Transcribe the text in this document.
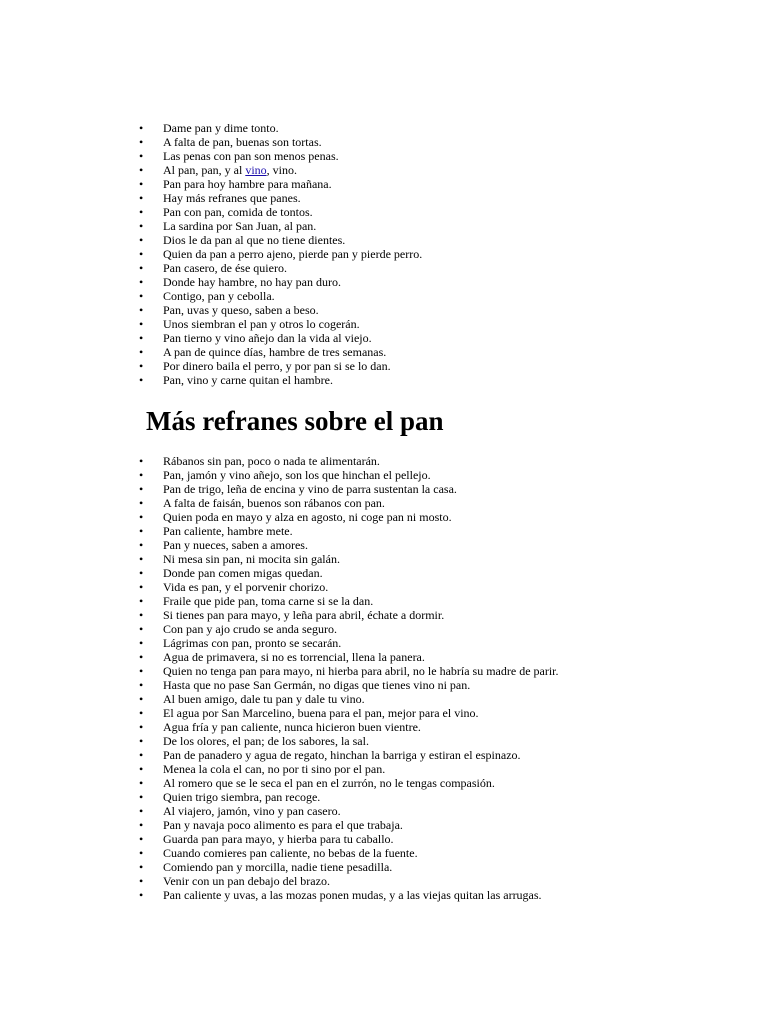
• Dame pan y dime tonto.
• A falta de pan, buenas son tortas.
• Las penas con pan son menos penas.
• Al pan, pan, y al vino, vino.
• Pan para hoy hambre para mañana.
• Hay más refranes que panes.
• Pan con pan, comida de tontos.
• La sardina por San Juan, al pan.
• Dios le da pan al que no tiene dientes.
• Quien da pan a perro ajeno, pierde pan y pierde perro.
• Pan casero, de ése quiero.
• Donde hay hambre, no hay pan duro.
• Contigo, pan y cebolla.
• Pan, uvas y queso, saben a beso.
• Unos siembran el pan y otros lo cogerán.
• Pan tierno y vino añejo dan la vida al viejo.
• A pan de quince días, hambre de tres semanas.
• Por dinero baila el perro, y por pan si se lo dan.
• Pan, vino y carne quitan el hambre.
Más refranes sobre el pan
• Rábanos sin pan, poco o nada te alimentarán.
• Pan, jamón y vino añejo, son los que hinchan el pellejo.
• Pan de trigo, leña de encina y vino de parra sustentan la casa.
• A falta de faisán, buenos son rábanos con pan.
• Quien poda en mayo y alza en agosto, ni coge pan ni mosto.
• Pan caliente, hambre mete.
• Pan y nueces, saben a amores.
• Ni mesa sin pan, ni mocita sin galán.
• Donde pan comen migas quedan.
• Vida es pan, y el porvenir chorizo.
• Fraile que pide pan, toma carne si se la dan.
• Si tienes pan para mayo, y leña para abril, échate a dormir.
• Con pan y ajo crudo se anda seguro.
• Lágrimas con pan, pronto se secarán.
• Agua de primavera, si no es torrencial, llena la panera.
• Quien no tenga pan para mayo, ni hierba para abril, no le habría su madre de parir.
• Hasta que no pase San Germán, no digas que tienes vino ni pan.
• Al buen amigo, dale tu pan y dale tu vino.
• El agua por San Marcelino, buena para el pan, mejor para el vino.
• Agua fría y pan caliente, nunca hicieron buen vientre.
• De los olores, el pan; de los sabores, la sal.
• Pan de panadero y agua de regato, hinchan la barriga y estiran el espinazo.
• Menea la cola el can, no por ti sino por el pan.
• Al romero que se le seca el pan en el zurrón, no le tengas compasión.
• Quien trigo siembra, pan recoge.
• Al viajero, jamón, vino y pan casero.
• Pan y navaja poco alimento es para el que trabaja.
• Guarda pan para mayo, y hierba para tu caballo.
• Cuando comieres pan caliente, no bebas de la fuente.
• Comiendo pan y morcilla, nadie tiene pesadilla.
• Venir con un pan debajo del brazo.
• Pan caliente y uvas, a las mozas ponen mudas, y a las viejas quitan las arrugas.
